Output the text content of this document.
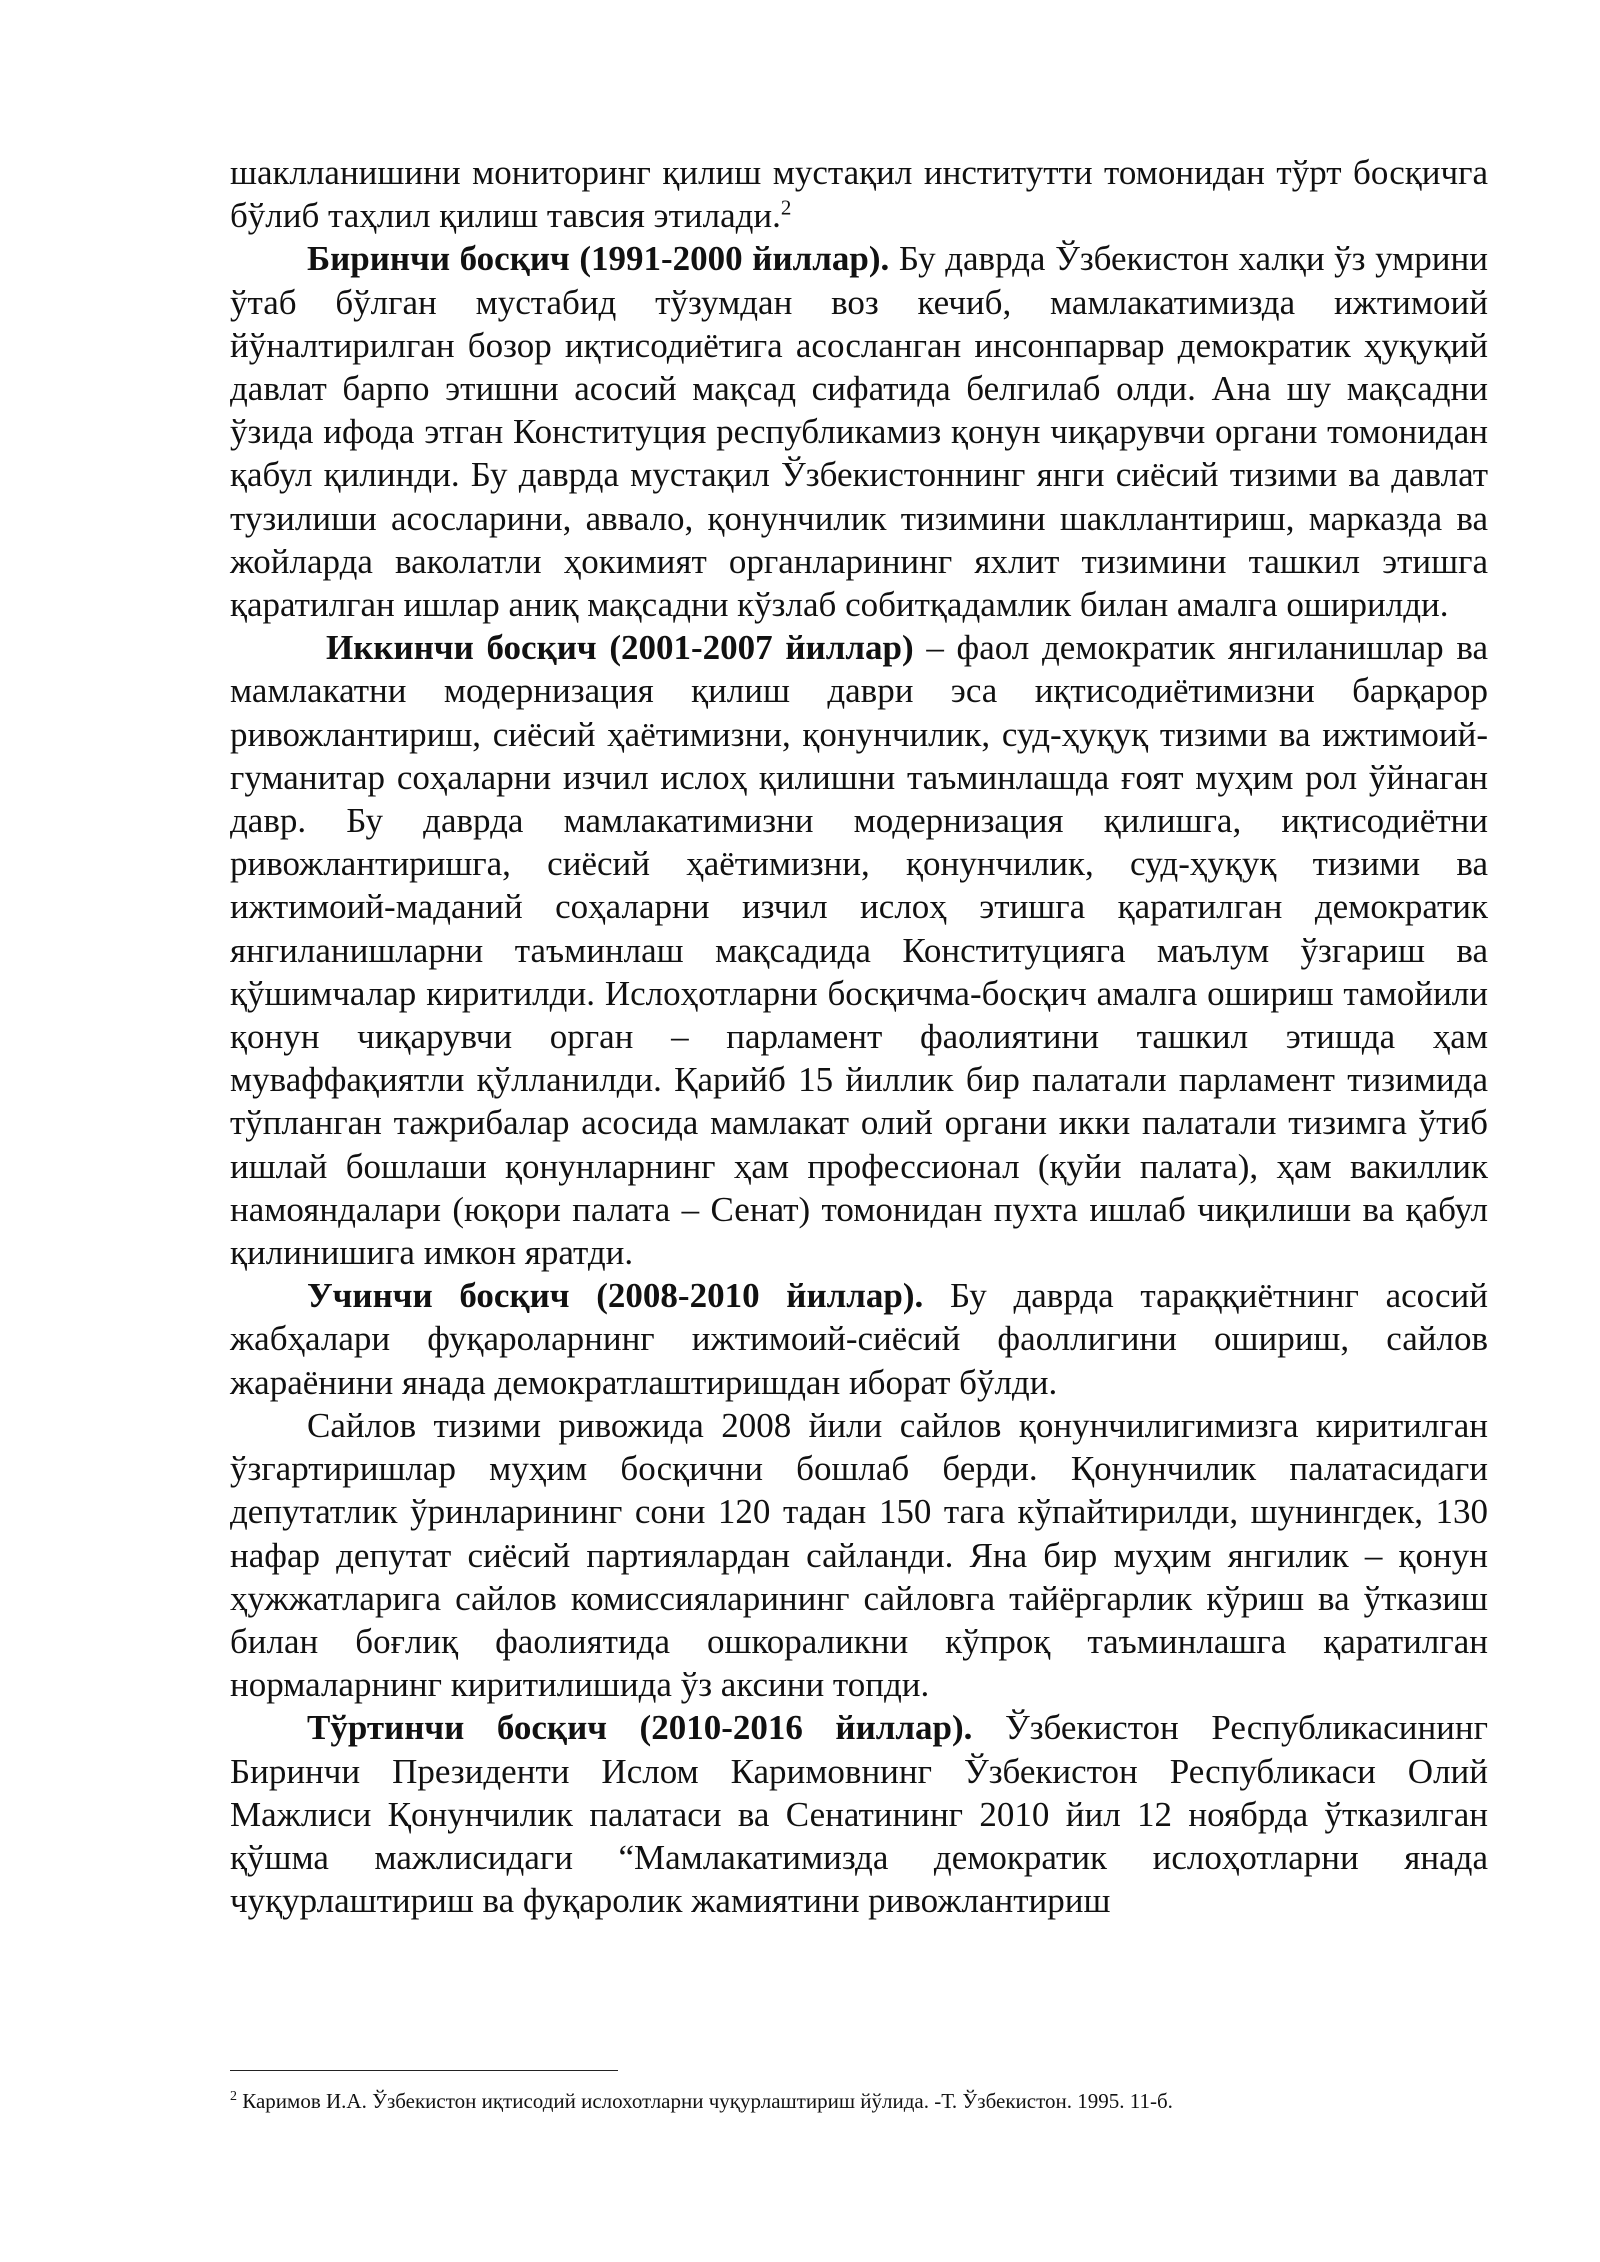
шаклланишини мониторинг қилиш мустақил институтти томонидан тўрт босқичга бўлиб таҳлил қилиш тавсия этилади.$^2$

Биринчи босқич (1991-2000 йиллар). Бу даврда Ўзбекистон халқи ўз умрини ўтаб бўлган мустабид тўзумдан воз кечиб, мамлакатимизда ижтимоий йўналтирилган бозор иқтисодиётига асосланган инсонпарвар демократик ҳуқуқий давлат барпо этишни асосий мақсад сифатида белгилаб олди. Ана шу мақсадни ўзида ифода этган Конституция республикамиз қонун чиқарувчи органи томонидан қабул қилинди. Бу даврда мустақил Ўзбекистоннинг янги сиёсий тизими ва давлат тузилиши асосларини, аввало, қонунчилик тизимини шакллантириш, марказда ва жойларда ваколатли ҳокимият органларининг яхлит тизимини ташкил этишга қаратилган ишлар аниқ мақсадни кўзлаб собитқадамлик билан амалга оширилди.

Иккинчи босқич (2001-2007 йиллар) – фаол демократик янгиланишлар ва мамлакатни модернизация қилиш даври эса иқтисодиётимизни барқарор ривожлантириш, сиёсий ҳаётимизни, қонунчилик, суд-ҳуқуқ тизими ва ижтимоий-гуманитар соҳаларни изчил ислоҳ қилишни таъминлашда ғоят муҳим рол ўйнаган давр. Бу даврда мамлакатимизни модернизация қилишга, иқтисодиётни ривожлантиришга, сиёсий ҳаётимизни, қонунчилик, суд-ҳуқуқ тизими ва ижтимоий-маданий соҳаларни изчил ислоҳ этишга қаратилган демократик янгиланишларни таъминлаш мақсадида Конституцияга маълум ўзгариш ва қўшимчалар киритилди. Ислоҳотларни босқичма-босқич амалга ошириш тамойили қонун чиқарувчи орган – парламент фаолиятини ташкил этишда ҳам муваффақиятли қўлланилди. Қарийб 15 йиллик бир палатали парламент тизимида тўпланган тажрибалар асосида мамлакат олий органи икки палатали тизимга ўтиб ишлай бошлаши қонунларнинг ҳам профессионал (қуйи палата), ҳам вакиллик намояндалари (юқори палата – Сенат) томонидан пухта ишлаб чиқилиши ва қабул қилинишига имкон яратди.

Учинчи босқич (2008-2010 йиллар). Бу даврда тараққиётнинг асосий жабҳалари фуқароларнинг ижтимоий-сиёсий фаоллигини ошириш, сайлов жараёнини янада демократлаштиришдан иборат бўлди.

Сайлов тизими ривожида 2008 йили сайлов қонунчилигимизга киритилган ўзгартиришлар муҳим босқични бошлаб берди. Қонунчилик палатасидаги депутатлик ўринларининг сони 120 тадан 150 тага кўпайтирилди, шунингдек, 130 нафар депутат сиёсий партиялардан сайланди. Яна бир муҳим янгилик – қонун ҳужжатларига сайлов комиссияларининг сайловга тайёргарлик кўриш ва ўтказиш билан боғлиқ фаолиятида ошкораликни кўпроқ таъминлашга қаратилган нормаларнинг киритилишида ўз аксини топди.

Тўртинчи босқич (2010-2016 йиллар). Ўзбекистон Республикасининг Биринчи Президенти Ислом Каримовнинг Ўзбекистон Республикаси Олий Мажлиси Қонунчилик палатаси ва Сенатининг 2010 йил 12 ноябрда ўтказилган қўшма мажлисидаги “Мамлакатимизда демократик ислоҳотларни янада чуқурлаштириш ва фуқаролик жамиятини ривожлантириш

$^2$ Каримов И.А. Ўзбекистон иқтисодий ислохотларни чуқурлаштириш йўлида. -Т. Ўзбекистон. 1995. 11-б.
